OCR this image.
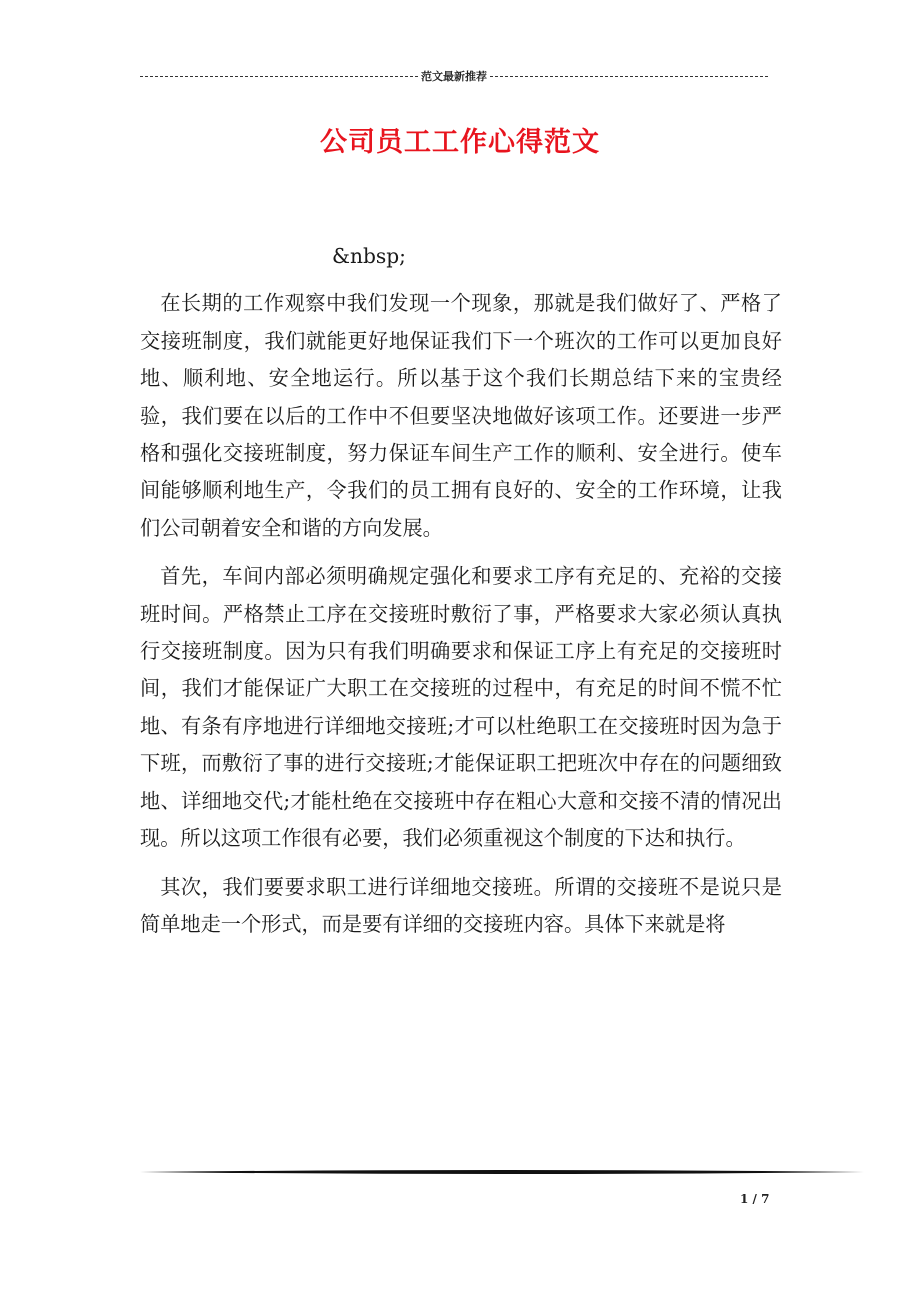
范文最新推荐
公司员工工作心得范文

&nbsp;

在长期的工作观察中我们发现一个现象，那就是我们做好了、严格了交接班制度，我们就能更好地保证我们下一个班次的工作可以更加良好地、顺利地、安全地运行。所以基于这个我们长期总结下来的宝贵经验，我们要在以后的工作中不但要坚决地做好该项工作。还要进一步严格和强化交接班制度，努力保证车间生产工作的顺利、安全进行。使车间能够顺利地生产，令我们的员工拥有良好的、安全的工作环境，让我们公司朝着安全和谐的方向发展。

首先，车间内部必须明确规定强化和要求工序有充足的、充裕的交接班时间。严格禁止工序在交接班时敷衍了事，严格要求大家必须认真执行交接班制度。因为只有我们明确要求和保证工序上有充足的交接班时间，我们才能保证广大职工在交接班的过程中，有充足的时间不慌不忙地、有条有序地进行详细地交接班;才可以杜绝职工在交接班时因为急于下班，而敷衍了事的进行交接班;才能保证职工把班次中存在的问题细致地、详细地交代;才能杜绝在交接班中存在粗心大意和交接不清的情况出现。所以这项工作很有必要，我们必须重视这个制度的下达和执行。

其次，我们要要求职工进行详细地交接班。所谓的交接班不是说只是简单地走一个形式，而是要有详细的交接班内容。具体下来就是将

1 / 7
